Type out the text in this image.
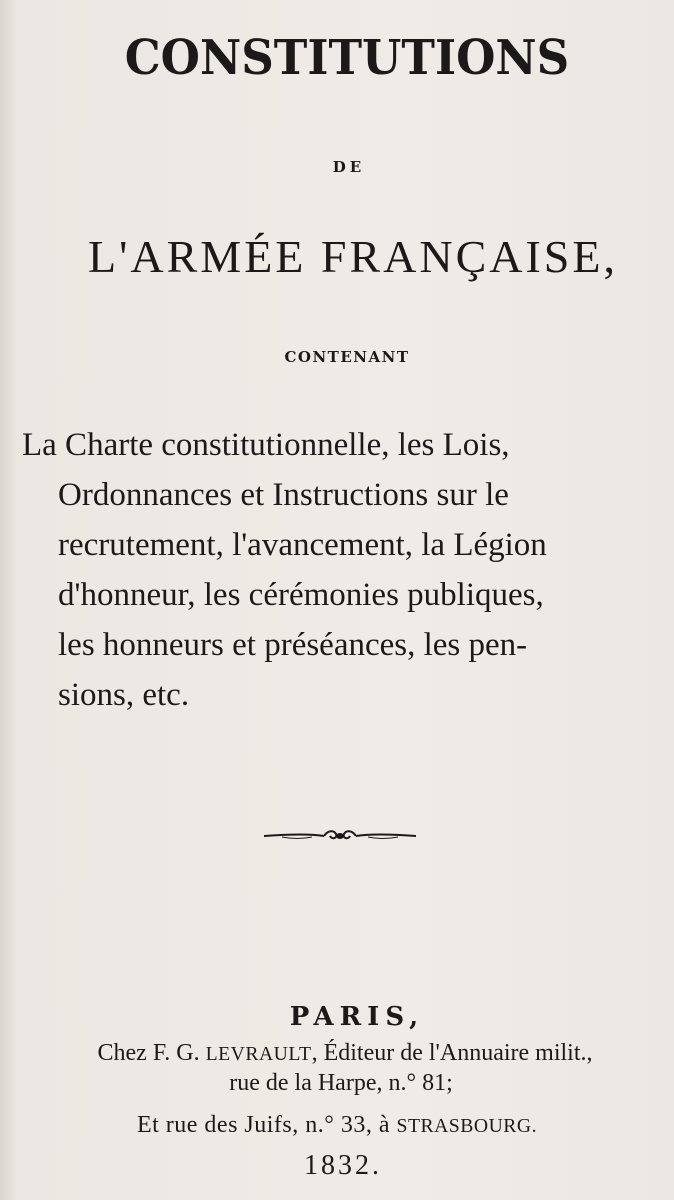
CONSTITUTIONS
DE
L'ARMÉE FRANÇAISE,
CONTENANT
La Charte constitutionnelle, les Lois,
Ordonnances et Instructions sur le
recrutement, l'avancement, la Légion
d'honneur, les cérémonies publiques,
les honneurs et préséances, les pen-
sions, etc.
PARIS,
Chez F. G. LEVRAULT, Éditeur de l'Annuaire milit.,
rue de la Harpe, n.° 81;
Et rue des Juifs, n.° 33, à STRASBOURG.
1832.
